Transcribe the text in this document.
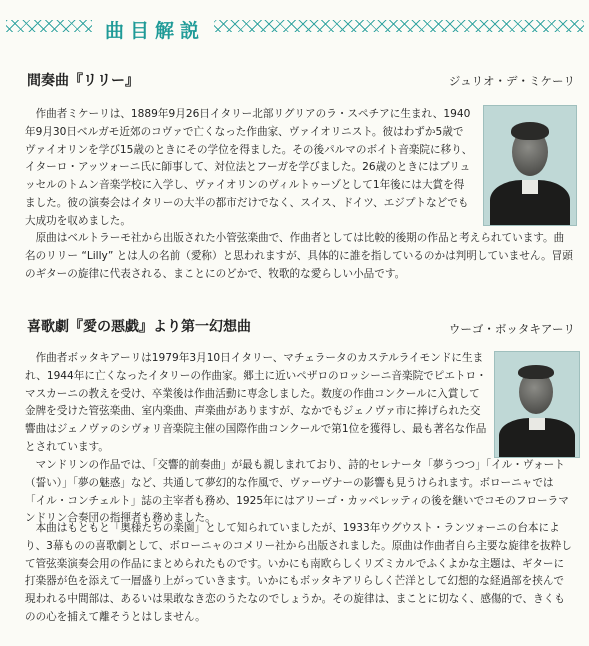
曲目解説
間奏曲『リリー』	ジュリオ・デ・ミケーリ

作曲者ミケーリは、1889年9月26日イタリー北部リグリアのラ・スペチアに生まれ、1940年9月30日ベルガモ近郊のコヴァで亡くなった作曲家、ヴァイオリニスト。彼はわずか5歳でヴァイオリンを学び15歳のときにその学位を得ました。その後パルマのボイト音楽院に移り、イターロ・アッツォーニ氏に師事して、対位法とフーガを学びました。26歳のときにはブリュッセルのトムン音楽学校に入学し、ヴァイオリンのヴィルトゥーゾとして1年後には大賞を得ました。彼の演奏会はイタリーの大半の都市だけでなく、スイス、ドイツ、エジプトなどでも大成功を収めました。

原曲はベルトラーモ社から出版された小管弦楽曲で、作曲者としては比較的後期の作品と考えられています。曲名のリリー “Lilly” とは人の名前（愛称）と思われますが、具体的に誰を指しているのかは判明していません。冒頭のギターの旋律に代表される、まことにのどかで、牧歌的な愛らしい小品です。

喜歌劇『愛の悪戯』より第一幻想曲	ウーゴ・ボッタキアーリ

作曲者ボッタキアーリは1979年3月10日イタリー、マチェラータのカステルライモンドに生まれ、1944年に亡くなったイタリーの作曲家。郷土に近いペザロのロッシーニ音楽院でピエトロ・マスカーニの教えを受け、卒業後は作曲活動に専念しました。数度の作曲コンクールに入賞して金牌を受けた管弦楽曲、室内楽曲、声楽曲がありますが、なかでもジェノヴァ市に捧げられた交響曲はジェノヴァのシヴォリ音楽院主催の国際作曲コンクールで第1位を獲得し、最も著名な作品とされています。

マンドリンの作品では、「交響的前奏曲」が最も親しまれており、詩的セレナータ「夢うつつ」「イル・ヴォート（誓い）」「夢の魅惑」など、共通して夢幻的な作風で、ヴァーヴナーの影響も見うけられます。ボローニャでは「イル・コンチェルト」誌の主宰者も務め、1925年にはアリーゴ・カッペレッティの後を継いでコモのフローラマンドリン合奏団の指揮者も務めました。

本曲はもともと「奥様たちの楽園」として知られていましたが、1933年ウグウスト・ランツォーニの台本により、3幕ものの喜歌劇として、ボローニャのコメリー社から出版されました。原曲は作曲者自ら主要な旋律を抜粋して管弦楽演奏会用の作品にまとめられたものです。いかにも南欧らしくリズミカルでふくよかな主題は、ギターに打楽器が色を添えて一層盛り上がっていきます。いかにもボッタキアリらしく芒洋として幻想的な経過部を挟んで現われる中間部は、あるいは果敢なき恋のうたなのでしょうか。その旋律は、まことに切なく、感傷的で、きくものの心を捕えて離そうとはしません。
